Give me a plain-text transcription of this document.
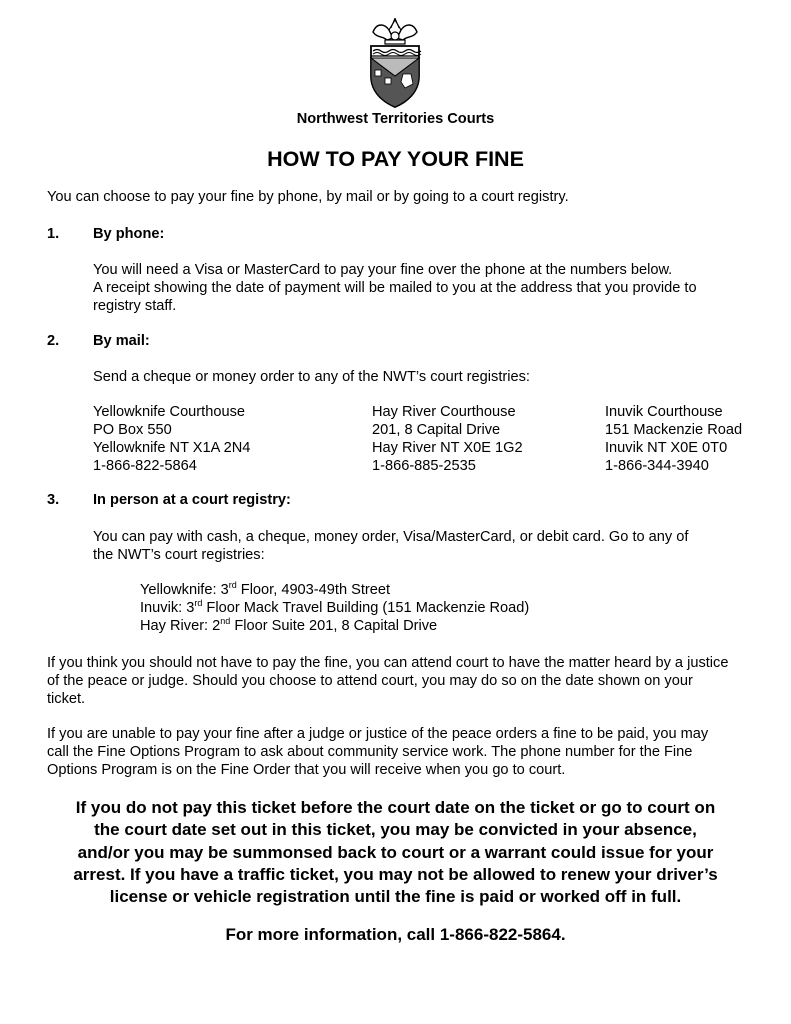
Northwest Territories Courts
HOW TO PAY YOUR FINE
You can choose to pay your fine by phone, by mail or by going to a court registry.
1. By phone:
You will need a Visa or MasterCard to pay your fine over the phone at the numbers below.
A receipt showing the date of payment will be mailed to you at the address that you provide to
registry staff.
2. By mail:
Send a cheque or money order to any of the NWT’s court registries:
Yellowknife Courthouse
PO Box 550
Yellowknife NT X1A 2N4
1-866-822-5864
Hay River Courthouse
201, 8 Capital Drive
Hay River NT X0E 1G2
1-866-885-2535
Inuvik Courthouse
151 Mackenzie Road
Inuvik NT X0E 0T0
1-866-344-3940
3. In person at a court registry:
You can pay with cash, a cheque, money order, Visa/MasterCard, or debit card. Go to any of
the NWT’s court registries:
Yellowknife: 3rd Floor, 4903-49th Street
Inuvik: 3rd Floor Mack Travel Building (151 Mackenzie Road)
Hay River: 2nd Floor Suite 201, 8 Capital Drive
If you think you should not have to pay the fine, you can attend court to have the matter heard by a justice
of the peace or judge. Should you choose to attend court, you may do so on the date shown on your
ticket.
If you are unable to pay your fine after a judge or justice of the peace orders a fine to be paid, you may
call the Fine Options Program to ask about community service work. The phone number for the Fine
Options Program is on the Fine Order that you will receive when you go to court.
If you do not pay this ticket before the court date on the ticket or go to court on
the court date set out in this ticket, you may be convicted in your absence,
and/or you may be summonsed back to court or a warrant could issue for your
arrest. If you have a traffic ticket, you may not be allowed to renew your driver’s
license or vehicle registration until the fine is paid or worked off in full.
For more information, call 1-866-822-5864.
